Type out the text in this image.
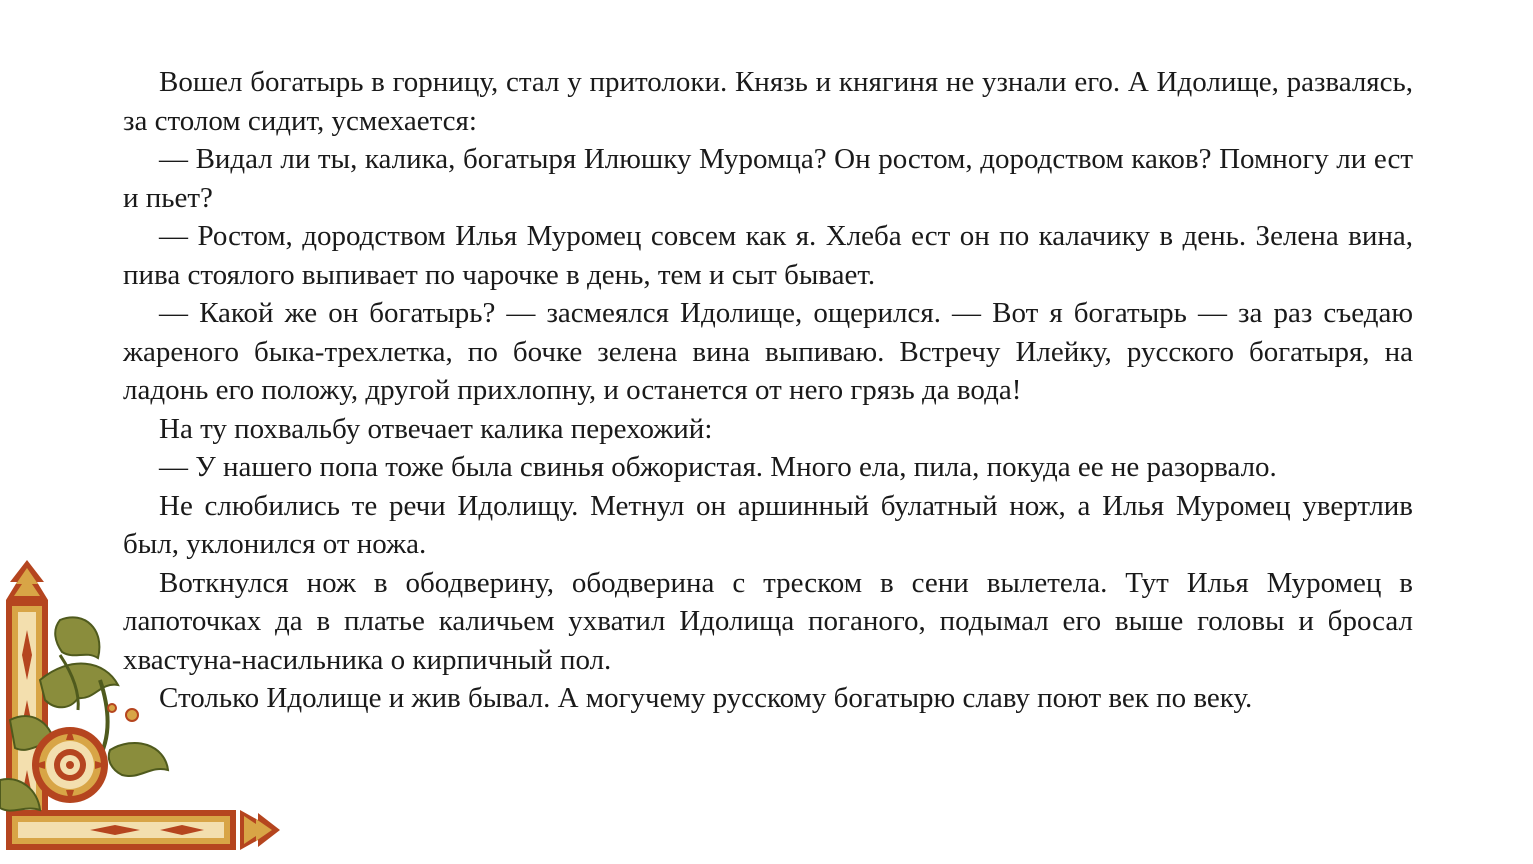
Вошел богатырь в горницу, стал у притолоки. Князь и княгиня не узнали его. А Идолище, развалясь, за столом сидит, усмехается:

— Видал ли ты, калика, богатыря Илюшку Муромца? Он ростом, дородством каков? Помногу ли ест и пьет?

— Ростом, дородством Илья Муромец совсем как я. Хлеба ест он по калачику в день. Зелена вина, пива стоялого выпивает по чарочке в день, тем и сыт бывает.

— Какой же он богатырь? — засмеялся Идолище, ощерился. — Вот я богатырь — за раз съедаю жареного быка-трехлетка, по бочке зелена вина выпиваю. Встречу Илейку, русского богатыря, на ладонь его положу, другой прихлопну, и останется от него грязь да вода!

На ту похвальбу отвечает калика перехожий:

— У нашего попа тоже была свинья обжористая. Много ела, пила, покуда ее не разорвало.

Не слюбились те речи Идолищу. Метнул он аршинный булатный нож, а Илья Муромец увертлив был, уклонился от ножа.

Воткнулся нож в ободверину, ободверина с треском в сени вылетела. Тут Илья Муромец в лапоточках да в платье каличьем ухватил Идолища поганого, подымал его выше головы и бросал хвастуна-насильника о кирпичный пол.

Столько Идолище и жив бывал. А могучему русскому богатырю славу поют век по веку.
